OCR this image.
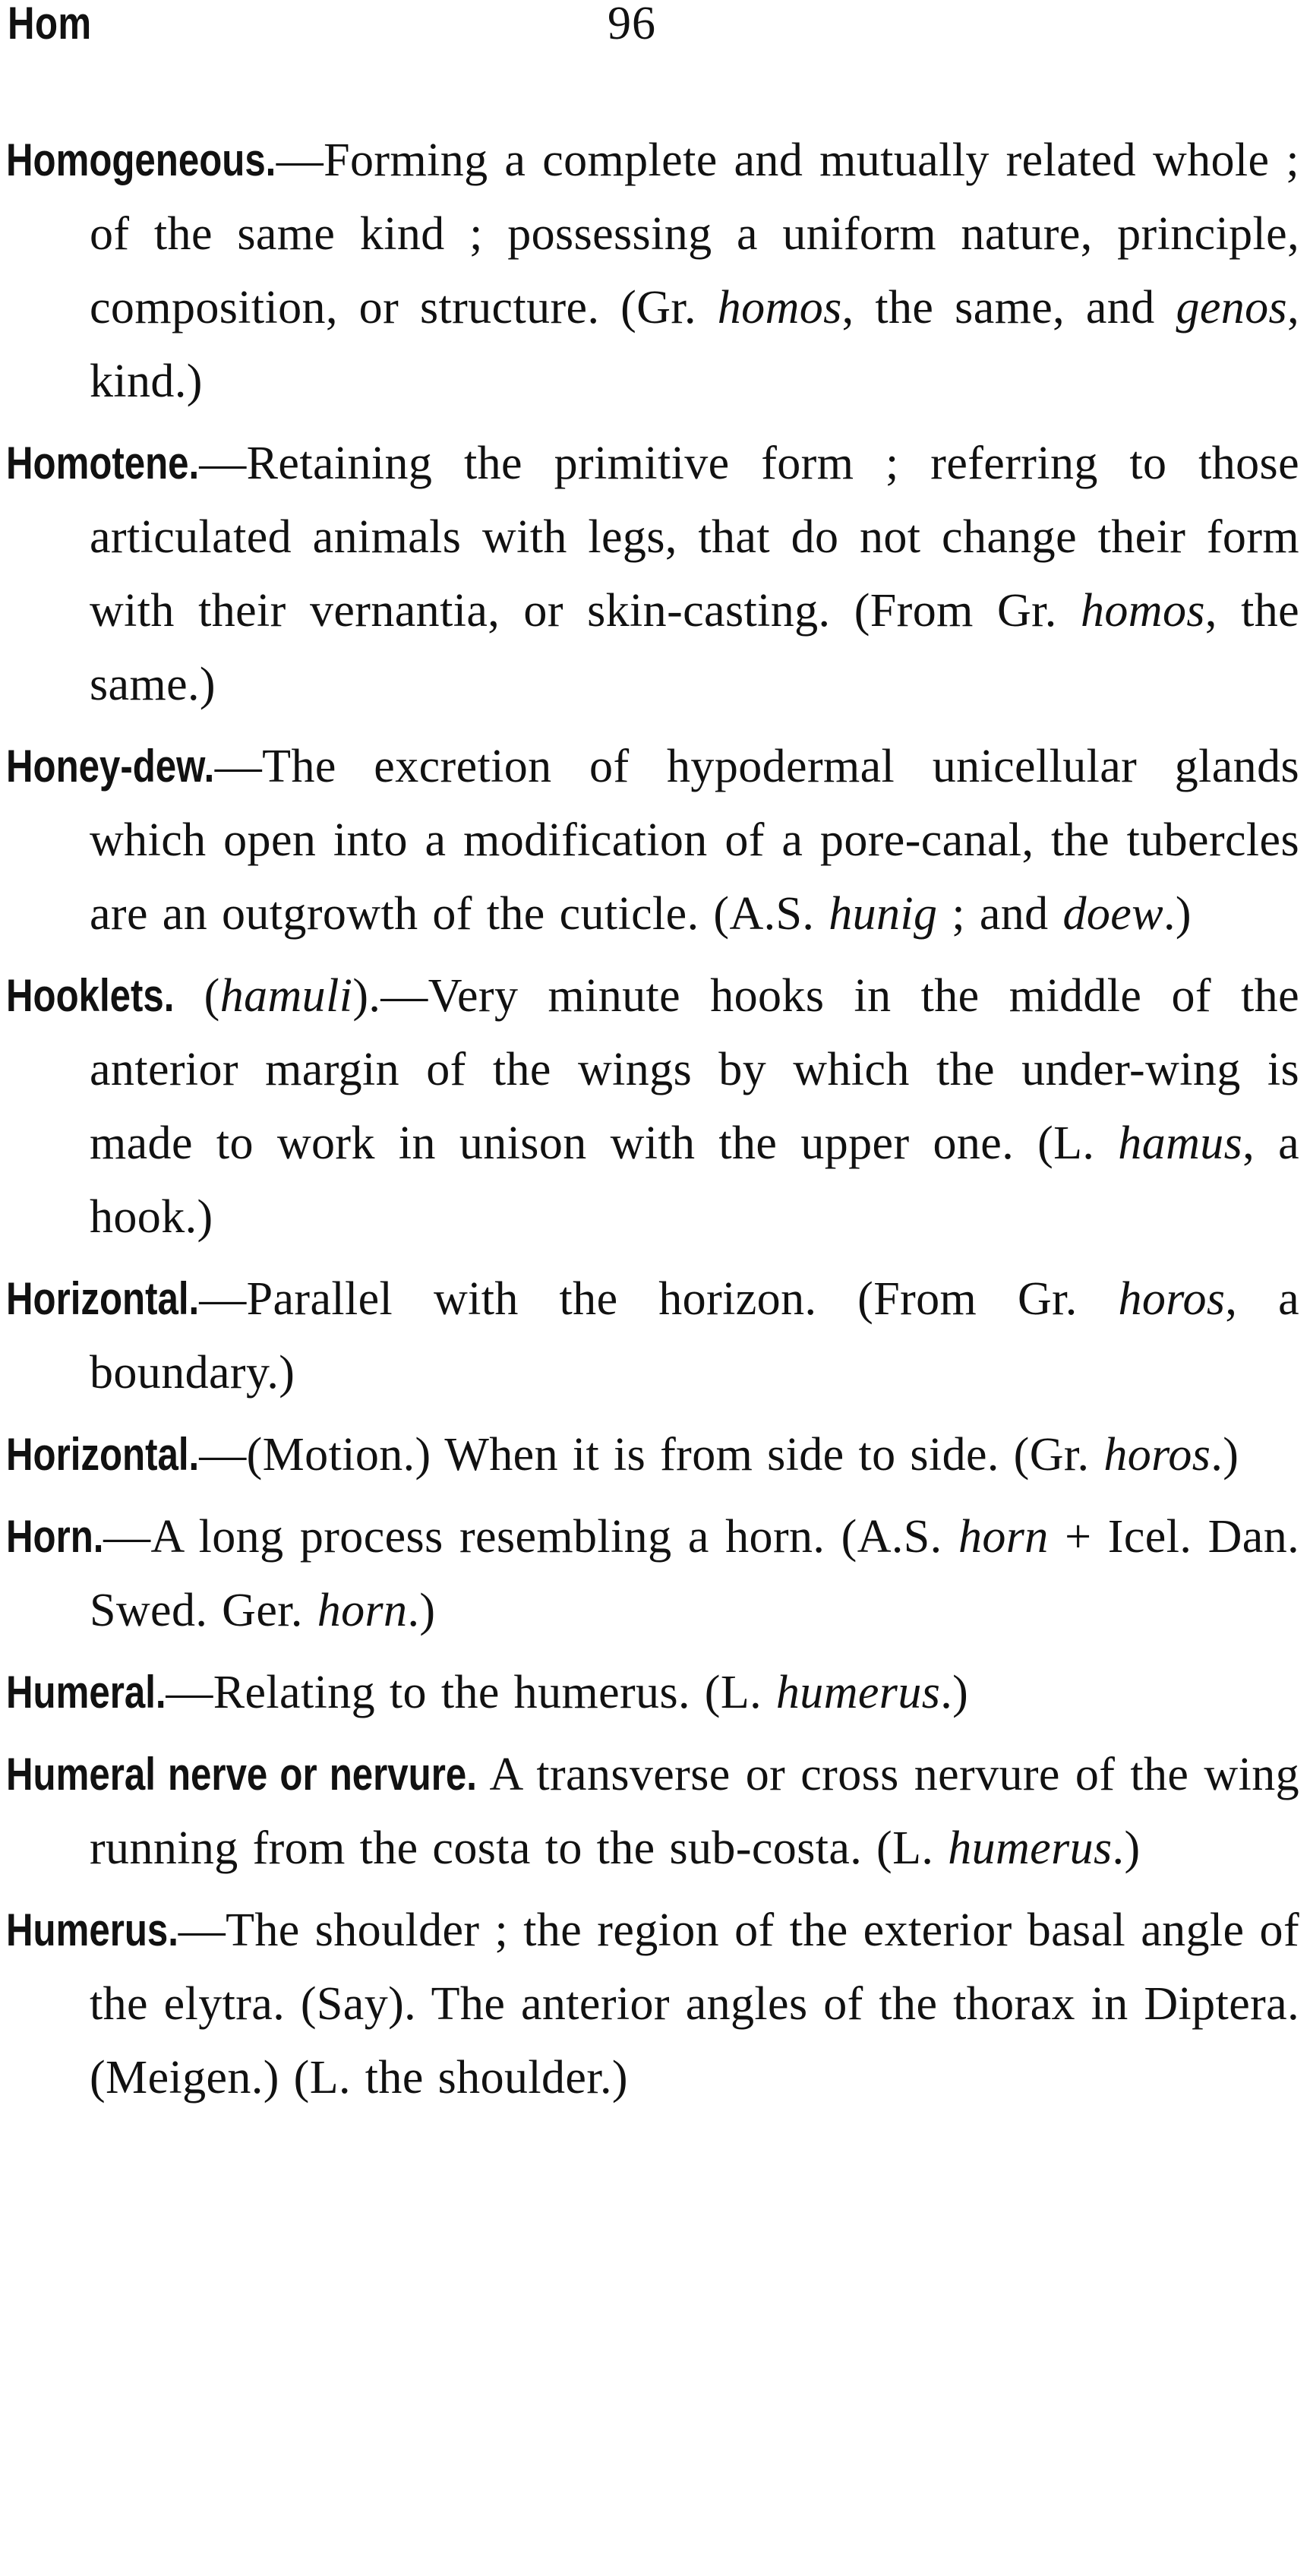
Hom	96

Homogeneous.—Forming a complete and mutually related whole ; of the same kind ; possessing a uniform nature, principle, composition, or structure. (Gr. homos, the same, and genos, kind.)

Homotene.—Retaining the primitive form ; referring to those articulated animals with legs, that do not change their form with their vernantia, or skin-casting. (From Gr. homos, the same.)

Honey-dew.—The excretion of hypodermal unicellular glands which open into a modification of a pore-canal, the tubercles are an outgrowth of the cuticle. (A.S. hunig ; and doew.)

Hooklets. (hamuli).—Very minute hooks in the middle of the anterior margin of the wings by which the under-wing is made to work in unison with the upper one. (L. hamus, a hook.)

Horizontal.—Parallel with the horizon. (From Gr. horos, a boundary.)

Horizontal.—(Motion.) When it is from side to side. (Gr. horos.)

Horn.—A long process resembling a horn. (A.S. horn + Icel. Dan. Swed. Ger. horn.)

Humeral.—Relating to the humerus. (L. humerus.)

Humeral nerve or nervure. A transverse or cross nervure of the wing running from the costa to the sub-costa. (L. humerus.)

Humerus.—The shoulder ; the region of the exterior basal angle of the elytra. (Say). The anterior angles of the thorax in Diptera. (Meigen.) (L. the shoulder.)
